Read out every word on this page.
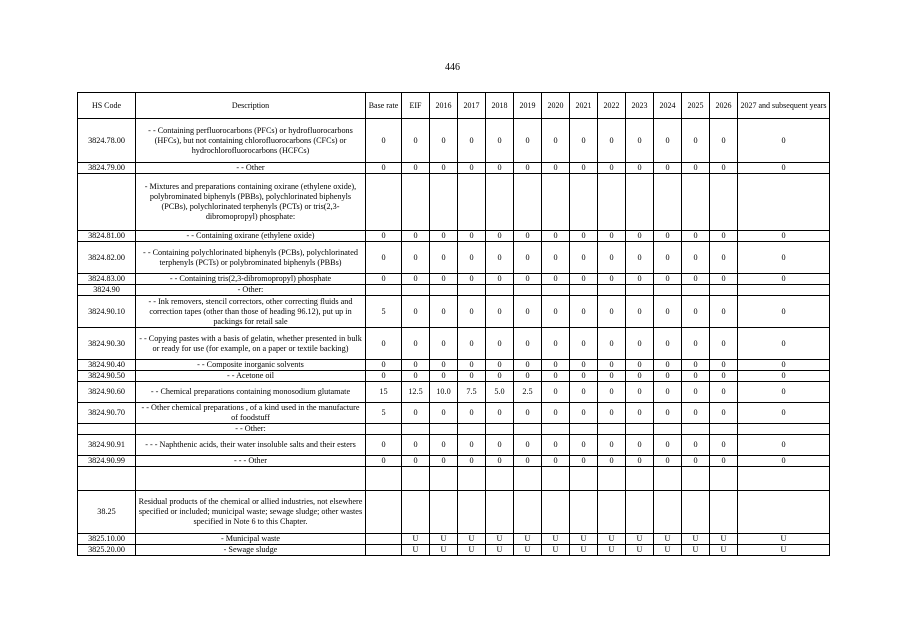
446
HS Code	Description	Base rate	EIF	2016	2017	2018	2019	2020	2021	2022	2023	2024	2025	2026	2027 and subsequent years
3824.78.00	- - Containing perfluorocarbons (PFCs) or hydrofluorocarbons (HFCs), but not containing chlorofluorocarbons (CFCs) or hydrochlorofluorocarbons (HCFCs)	0	0	0	0	0	0	0	0	0	0	0	0	0	0
3824.79.00	- - Other	0	0	0	0	0	0	0	0	0	0	0	0	0	0
	- Mixtures and preparations containing oxirane (ethylene oxide), polybrominated biphenyls (PBBs), polychlorinated biphenyls (PCBs), polychlorinated terphenyls (PCTs) or tris(2,3-dibromopropyl) phosphate:														
3824.81.00	- - Containing oxirane (ethylene oxide)	0	0	0	0	0	0	0	0	0	0	0	0	0	0
3824.82.00	- - Containing polychlorinated biphenyls (PCBs), polychlorinated terphenyls (PCTs) or polybrominated biphenyls (PBBs)	0	0	0	0	0	0	0	0	0	0	0	0	0	0
3824.83.00	- - Containing tris(2,3-dibromopropyl) phosphate	0	0	0	0	0	0	0	0	0	0	0	0	0	0
3824.90	- Other:														
3824.90.10	- - Ink removers, stencil correctors, other correcting fluids and correction tapes (other than those of heading 96.12), put up in packings for retail sale	5	0	0	0	0	0	0	0	0	0	0	0	0	0
3824.90.30	- - Copying pastes with a basis of gelatin, whether presented in bulk or ready for use (for example, on a paper or textile backing)	0	0	0	0	0	0	0	0	0	0	0	0	0	0
3824.90.40	- - Composite inorganic solvents	0	0	0	0	0	0	0	0	0	0	0	0	0	0
3824.90.50	- - Acetone oil	0	0	0	0	0	0	0	0	0	0	0	0	0	0
3824.90.60	- - Chemical preparations containing monosodium glutamate	15	12.5	10.0	7.5	5.0	2.5	0	0	0	0	0	0	0	0
3824.90.70	- - Other chemical preparations , of a kind used in the manufacture of foodstuff	5	0	0	0	0	0	0	0	0	0	0	0	0	0
	- - Other:														
3824.90.91	- - - Naphthenic acids, their water insoluble salts and their esters	0	0	0	0	0	0	0	0	0	0	0	0	0	0
3824.90.99	- - - Other	0	0	0	0	0	0	0	0	0	0	0	0	0	0

38.25	Residual products of the chemical or allied industries, not elsewhere specified or included; municipal waste; sewage sludge; other wastes specified in Note 6 to this Chapter.														
3825.10.00	- Municipal waste		U	U	U	U	U	U	U	U	U	U	U	U	U
3825.20.00	- Sewage sludge		U	U	U	U	U	U	U	U	U	U	U	U	U
